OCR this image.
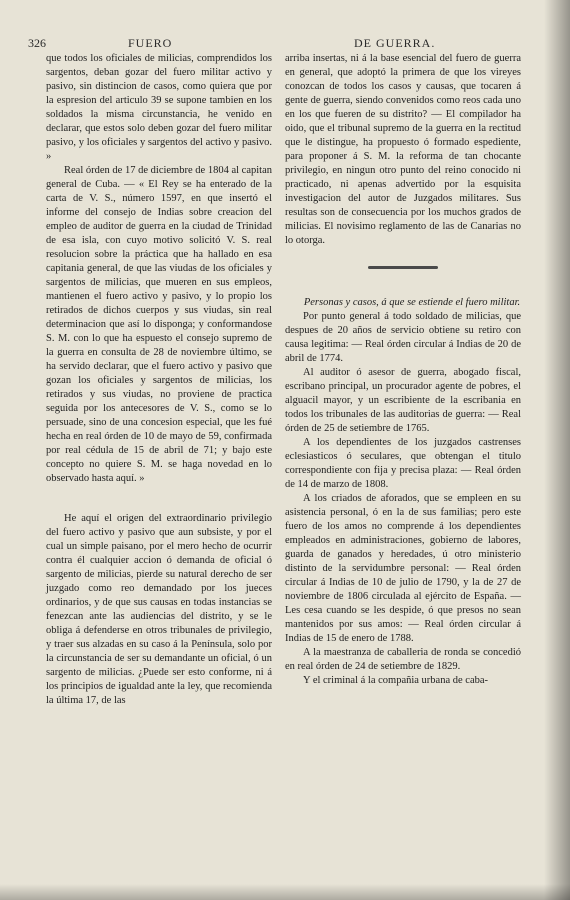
326	FUERO	DE GUERRA.

que todos los oficiales de milicias, comprendidos los sargentos, deban gozar del fuero militar activo y pasivo, sin distincion de casos, como quiera que por la espresion del articulo 39 se supone tambien en los soldados la misma circunstancia, he venido en declarar, que estos solo deben gozar del fuero militar pasivo, y los oficiales y sargentos del activo y pasivo. »

Real órden de 17 de diciembre de 1804 al capitan general de Cuba. — « El Rey se ha enterado de la carta de V. S., número 1597, en que insertó el informe del consejo de Indias sobre creacion del empleo de auditor de guerra en la ciudad de Trinidad de esa isla, con cuyo motivo solicitó V. S. real resolucion sobre la práctica que ha hallado en esa capitania general, de que las viudas de los oficiales y sargentos de milicias, que mueren en sus empleos, mantienen el fuero activo y pasivo, y lo propio los retirados de dichos cuerpos y sus viudas, sin real determinacion que así lo disponga; y conformandose S. M. con lo que ha espuesto el consejo supremo de la guerra en consulta de 28 de noviembre último, se ha servido declarar, que el fuero activo y pasivo que gozan los oficiales y sargentos de milicias, los retirados y sus viudas, no proviene de practica seguida por los antecesores de V. S., como se lo persuade, sino de una concesion especial, que les fué hecha en real órden de 10 de mayo de 59, confirmada por real cédula de 15 de abril de 71; y bajo este concepto no quiere S. M. se haga novedad en lo observado hasta aquí. »

He aquí el origen del extraordinario privilegio del fuero activo y pasivo que aun subsiste, y por el cual un simple paisano, por el mero hecho de ocurrir contra él cualquier accion ó demanda de oficial ó sargento de milicias, pierde su natural derecho de ser juzgado como reo demandado por los jueces ordinarios, y de que sus causas en todas instancias se fenezcan ante las audiencias del distrito, y se le obliga á defenderse en otros tribunales de privilegio, y traer sus alzadas en su caso á la Península, solo por la circunstancia de ser su demandante un oficial, ó un sargento de milicias. ¿Puede ser esto conforme, ni á los principios de igualdad ante la ley, que recomienda la última 17, de las

arriba insertas, ni á la base esencial del fuero de guerra en general, que adoptó la primera de que los vireyes conozcan de todos los casos y causas, que tocaren á gente de guerra, siendo convenidos como reos cada uno en los que fueren de su distrito? — El compilador ha oido, que el tribunal supremo de la guerra en la rectitud que le distingue, ha propuesto ó formado espediente, para proponer á S. M. la reforma de tan chocante privilegio, en ningun otro punto del reino conocido ni practicado, ni apenas advertido por la esquisita investigacion del autor de Juzgados militares. Sus resultas son de consecuencia por los muchos grados de milicias. El novisimo reglamento de las de Canarias no lo otorga.

Personas y casos, á que se estiende el fuero militar.

Por punto general á todo soldado de milicias, que despues de 20 años de servicio obtiene su retiro con causa legitima: — Real órden circular á Indias de 20 de abril de 1774.

Al auditor ó asesor de guerra, abogado fiscal, escribano principal, un procurador agente de pobres, el alguacil mayor, y un escribiente de la escribania en todos los tribunales de las auditorias de guerra: — Real órden de 25 de setiembre de 1765.

A los dependientes de los juzgados castrenses eclesiasticos ó seculares, que obtengan el titulo correspondiente con fija y precisa plaza: — Real órden de 14 de marzo de 1808.

A los criados de aforados, que se empleen en su asistencia personal, ó en la de sus familias; pero este fuero de los amos no comprende á los dependientes empleados en administraciones, gobierno de labores, guarda de ganados y heredades, ú otro ministerio distinto de la servidumbre personal: — Real órden circular á Indias de 10 de julio de 1790, y la de 27 de noviembre de 1806 circulada al ejército de España. — Les cesa cuando se les despide, ó que presos no sean mantenidos por sus amos: — Real órden circular á Indias de 15 de enero de 1788.

A la maestranza de caballeria de ronda se concedió en real órden de 24 de setiembre de 1829.

Y el criminal á la compañia urbana de caba-
